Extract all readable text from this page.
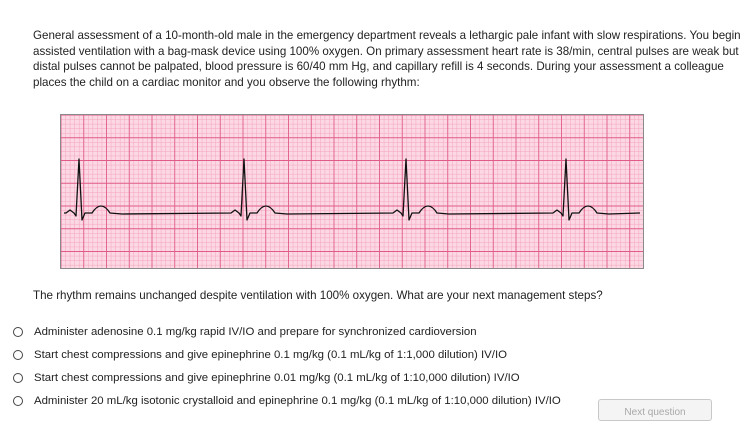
General assessment of a 10-month-old male in the emergency department reveals a lethargic pale infant with slow respirations. You begin assisted ventilation with a bag-mask device using 100% oxygen. On primary assessment heart rate is 38/min, central pulses are weak but distal pulses cannot be palpated, blood pressure is 60/40 mm Hg, and capillary refill is 4 seconds. During your assessment a colleague places the child on a cardiac monitor and you observe the following rhythm:

The rhythm remains unchanged despite ventilation with 100% oxygen. What are your next management steps?

Administer adenosine 0.1 mg/kg rapid IV/IO and prepare for synchronized cardioversion
Start chest compressions and give epinephrine 0.1 mg/kg (0.1 mL/kg of 1:1,000 dilution) IV/IO
Start chest compressions and give epinephrine 0.01 mg/kg (0.1 mL/kg of 1:10,000 dilution) IV/IO
Administer 20 mL/kg isotonic crystalloid and epinephrine 0.1 mg/kg (0.1 mL/kg of 1:10,000 dilution) IV/IO
Next question
